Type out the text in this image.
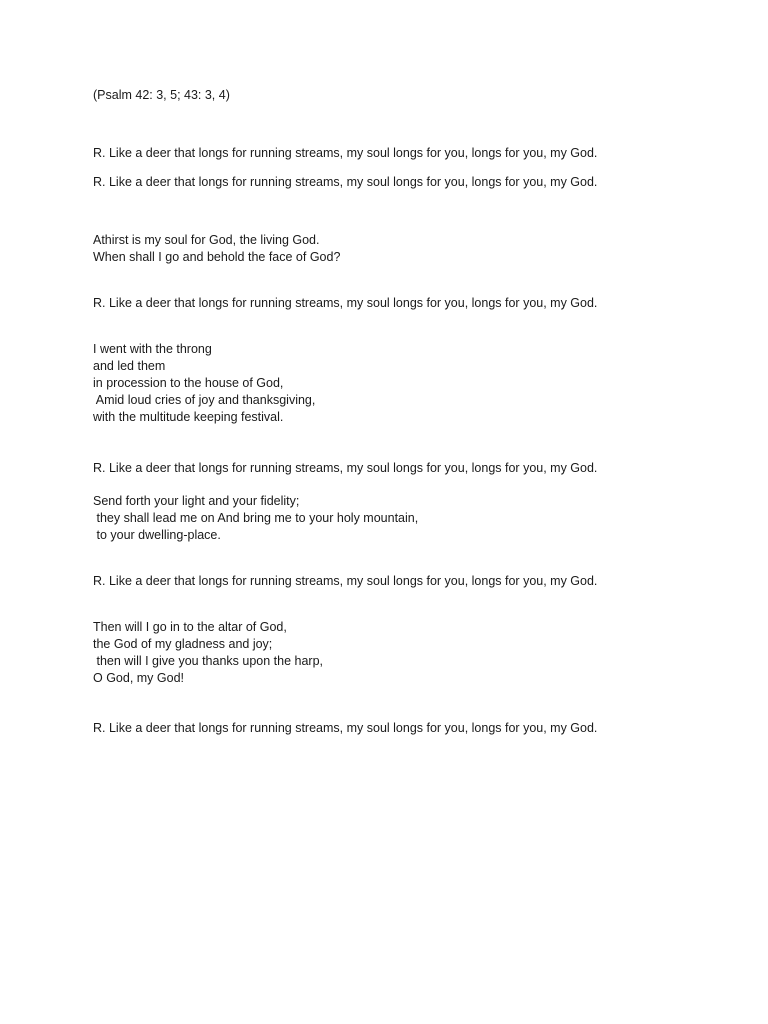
(Psalm 42: 3, 5; 43: 3, 4)
R. Like a deer that longs for running streams, my soul longs for you, longs for you, my God.
R. Like a deer that longs for running streams, my soul longs for you, longs for you, my God.
Athirst is my soul for God, the living God.
When shall I go and behold the face of God?
R. Like a deer that longs for running streams, my soul longs for you, longs for you, my God.
I went with the throng
and led them
in procession to the house of God,
Amid loud cries of joy and thanksgiving,
with the multitude keeping festival.
R. Like a deer that longs for running streams, my soul longs for you, longs for you, my God.
Send forth your light and your fidelity;
they shall lead me on And bring me to your holy mountain,
to your dwelling-place.
R. Like a deer that longs for running streams, my soul longs for you, longs for you, my God.
Then will I go in to the altar of God,
the God of my gladness and joy;
then will I give you thanks upon the harp,
O God, my God!
R. Like a deer that longs for running streams, my soul longs for you, longs for you, my God.
